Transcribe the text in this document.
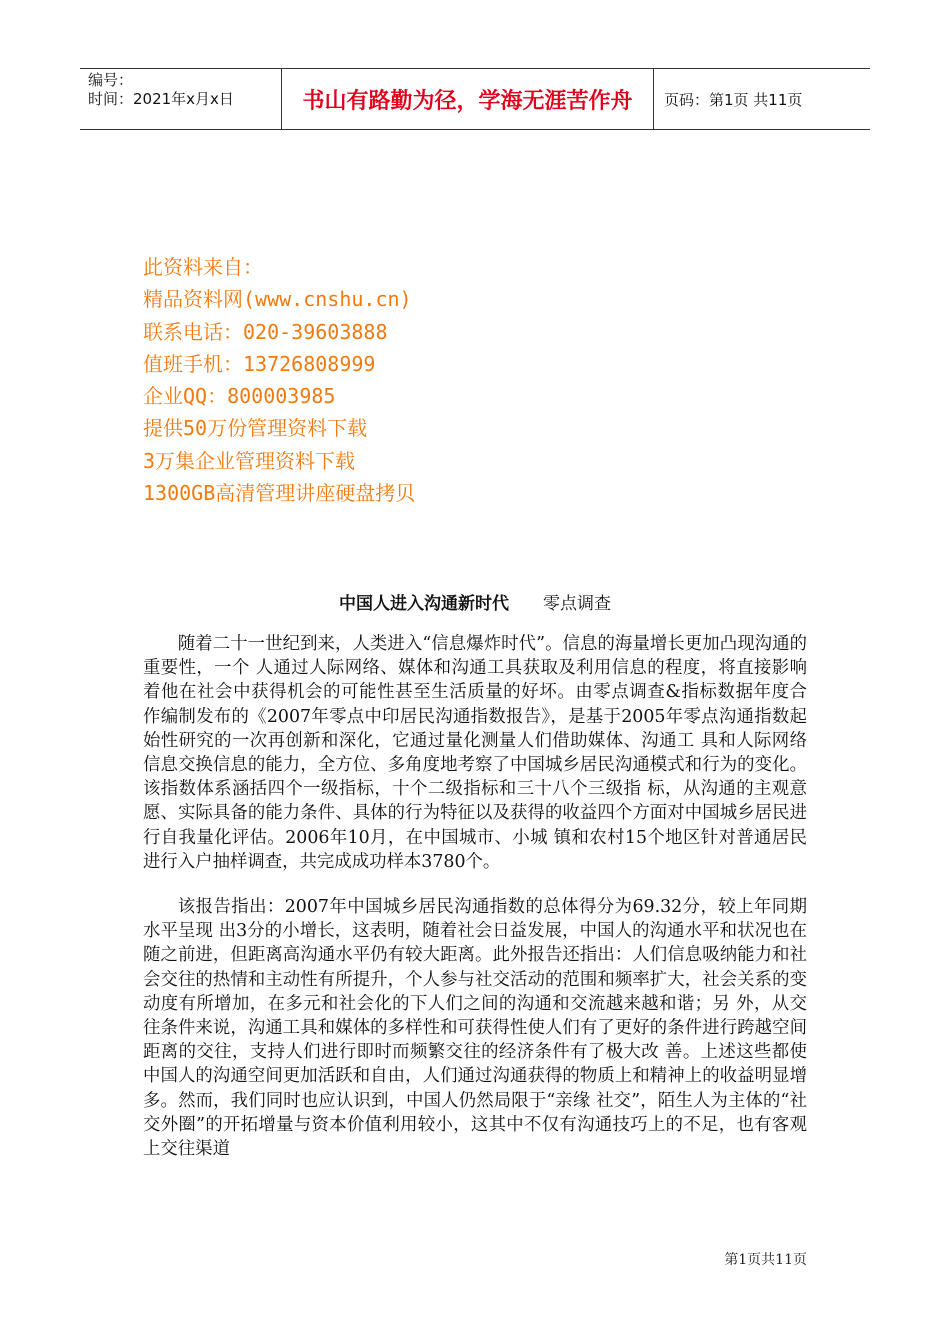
编号：
时间：2021年x月x日	书山有路勤为径，学海无涯苦作舟	页码：第1页 共11页
此资料来自：
精品资料网(www.cnshu.cn)
联系电话：020-39603888
值班手机：13726808999
企业QQ：800003985
提供50万份管理资料下载
3万集企业管理资料下载
1300GB高清管理讲座硬盘拷贝
中国人进入沟通新时代 零点调查

随着二十一世纪到来，人类进入“信息爆炸时代”。信息的海量增长更加凸现沟通的重要性，一个 人通过人际网络、媒体和沟通工具获取及利用信息的程度，将直接影响着他在社会中获得机会的可能性甚至生活质量的好坏。由零点调查&指标数据年度合 作编制发布的《2007年零点中印居民沟通指数报告》，是基于2005年零点沟通指数起始性研究的一次再创新和深化，它通过量化测量人们借助媒体、沟通工 具和人际网络信息交换信息的能力，全方位、多角度地考察了中国城乡居民沟通模式和行为的变化。该指数体系涵括四个一级指标，十个二级指标和三十八个三级指 标，从沟通的主观意愿、实际具备的能力条件、具体的行为特征以及获得的收益四个方面对中国城乡居民进行自我量化评估。2006年10月，在中国城市、小城 镇和农村15个地区针对普通居民进行入户抽样调查，共完成成功样本3780个。

该报告指出：2007年中国城乡居民沟通指数的总体得分为69.32分，较上年同期水平呈现 出3分的小增长，这表明，随着社会日益发展，中国人的沟通水平和状况也在随之前进，但距离高沟通水平仍有较大距离。此外报告还指出：人们信息吸纳能力和社 会交往的热情和主动性有所提升，个人参与社交活动的范围和频率扩大，社会关系的变动度有所增加，在多元和社会化的下人们之间的沟通和交流越来越和谐；另 外，从交往条件来说，沟通工具和媒体的多样性和可获得性使人们有了更好的条件进行跨越空间距离的交往，支持人们进行即时而频繁交往的经济条件有了极大改 善。上述这些都使中国人的沟通空间更加活跃和自由，人们通过沟通获得的物质上和精神上的收益明显增多。然而，我们同时也应认识到，中国人仍然局限于“亲缘 社交”，陌生人为主体的“社交外圈”的开拓增量与资本价值利用较小，这其中不仅有沟通技巧上的不足，也有客观上交往渠道

第1页共11页
